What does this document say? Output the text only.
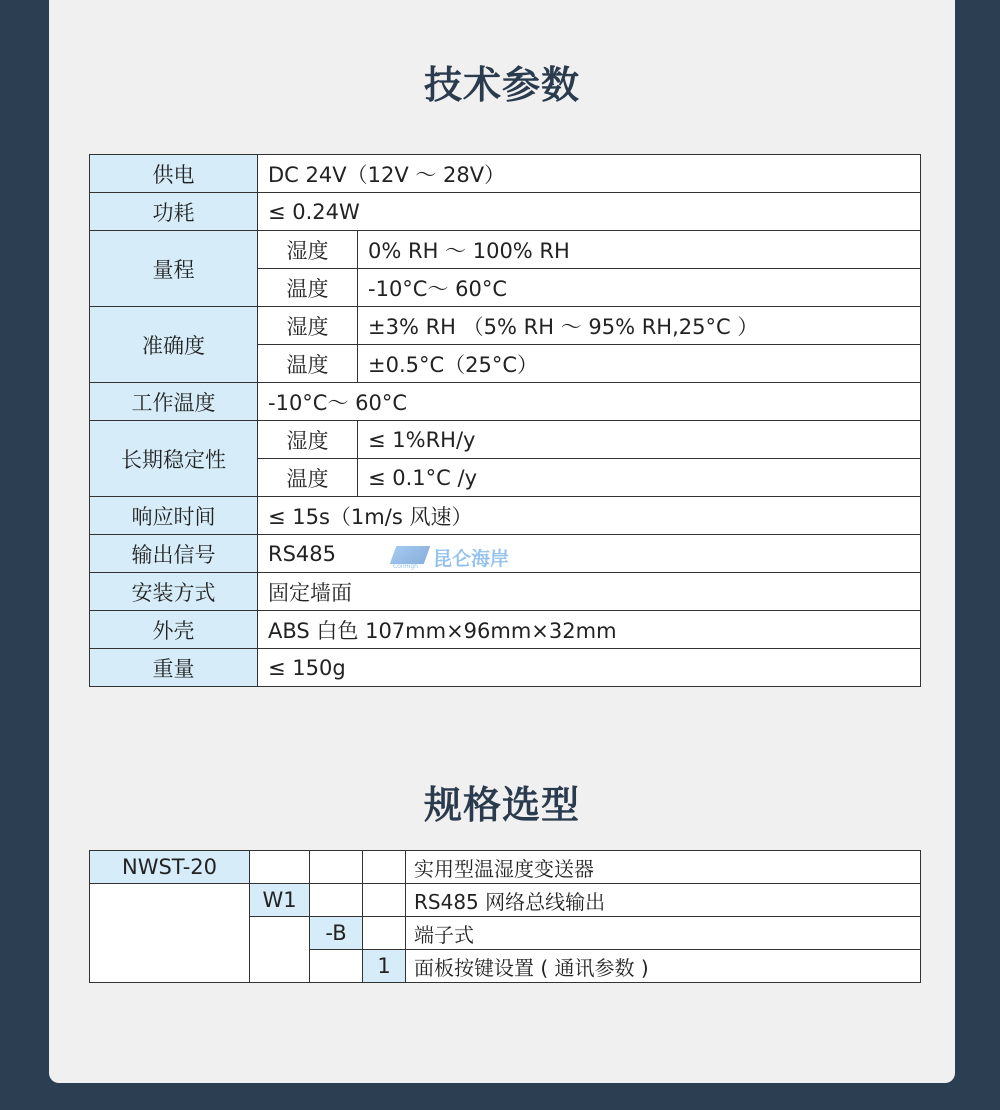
技术参数
供电	DC 24V（12V ～ 28V）	
功耗	≤ 0.24W	
量程	湿度	0% RH ～ 100% RH
	温度	-10°C～ 60°C
准确度	湿度	±3% RH （5% RH ～ 95% RH,25°C ）
	温度	±0.5°C（25°C）
工作温度	-10°C～ 60°C	
长期稳定性	湿度	≤ 1%RH/y
	温度	≤ 0.1°C /y
响应时间	≤ 15s（1m/s 风速）	
输出信号	RS485	
安装方式	固定墙面	
外壳	ABS 白色 107mm×96mm×32mm	
重量	≤ 150g	
规格选型
NWST-20				实用型温湿度变送器
	W1			RS485 网络总线输出
		-B		端子式
			1	面板按键设置 ( 通讯参数 )
昆仑海岸
CollHigh
